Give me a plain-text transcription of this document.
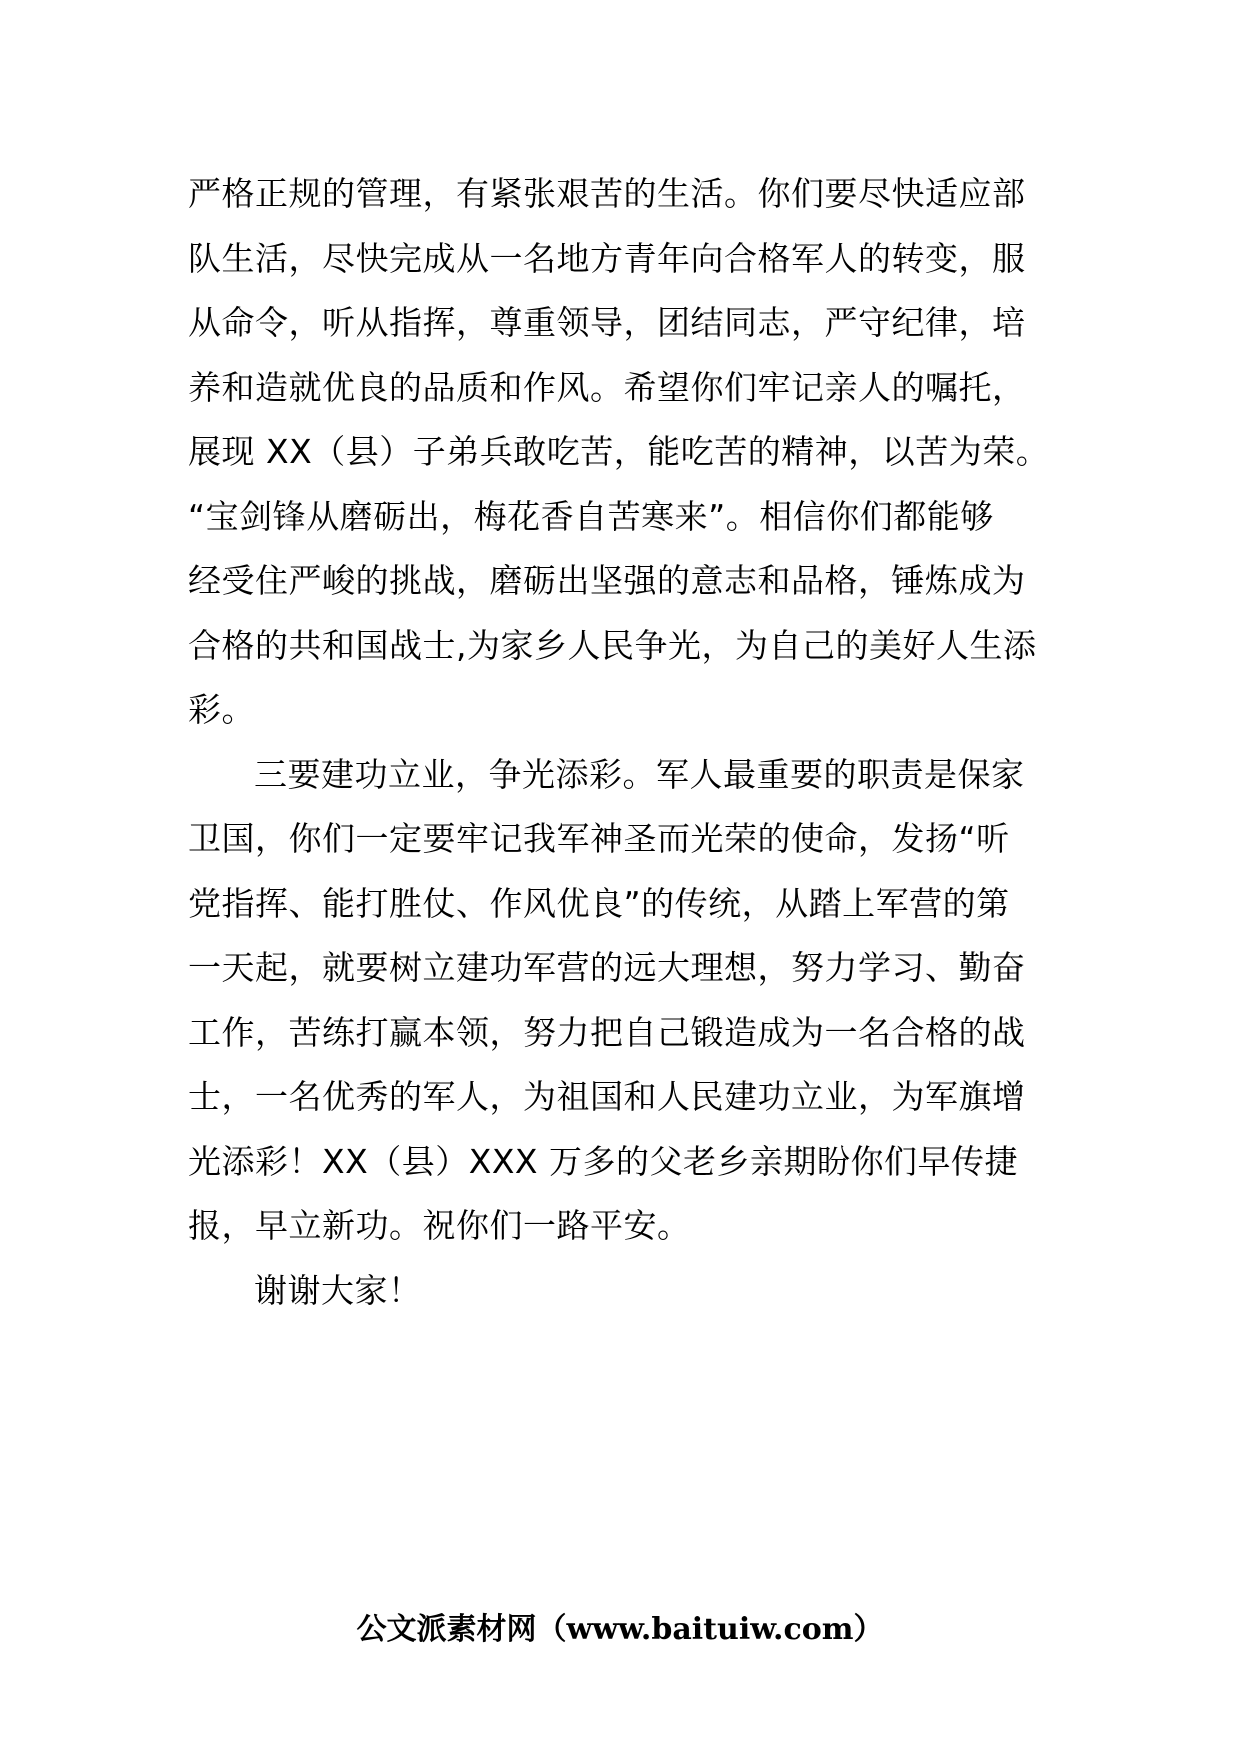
严格正规的管理，有紧张艰苦的生活。你们要尽快适应部
队生活，尽快完成从一名地方青年向合格军人的转变，服
从命令，听从指挥，尊重领导，团结同志，严守纪律，培
养和造就优良的品质和作风。希望你们牢记亲人的嘱托，
展现 XX（县）子弟兵敢吃苦，能吃苦的精神，以苦为荣。
“宝剑锋从磨砺出，梅花香自苦寒来”。相信你们都能够
经受住严峻的挑战，磨砺出坚强的意志和品格，锤炼成为
合格的共和国战士,为家乡人民争光，为自己的美好人生添
彩。
三要建功立业，争光添彩。军人最重要的职责是保家
卫国，你们一定要牢记我军神圣而光荣的使命，发扬“听
党指挥、能打胜仗、作风优良”的传统，从踏上军营的第
一天起，就要树立建功军营的远大理想，努力学习、勤奋
工作，苦练打赢本领，努力把自己锻造成为一名合格的战
士，一名优秀的军人，为祖国和人民建功立业，为军旗增
光添彩！XX（县）XXX 万多的父老乡亲期盼你们早传捷
报，早立新功。祝你们一路平安。
谢谢大家！
公文派素材网（www.baituiw.com）
